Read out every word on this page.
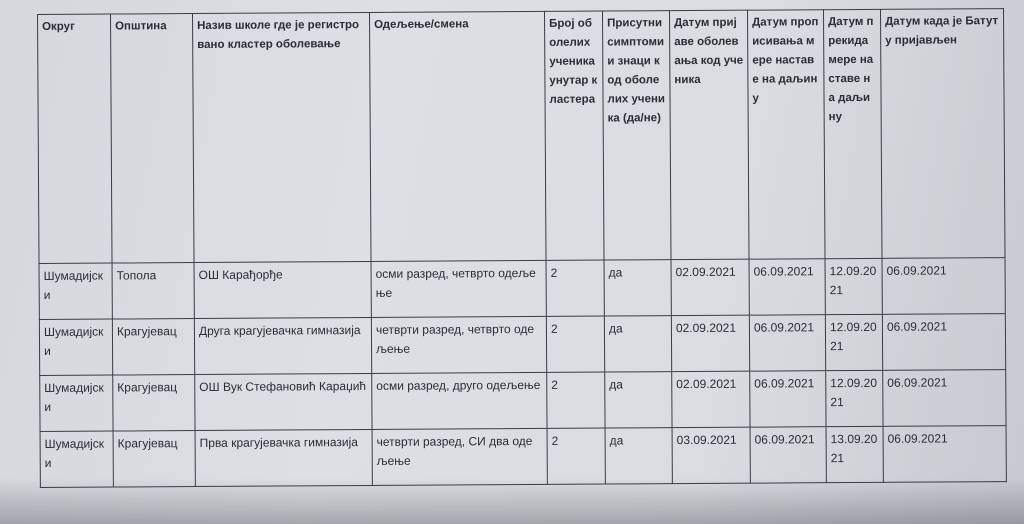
Округ	Општина	Назив школе где је регистровано кластер оболевање	Одељење/смена	Број оболелих ученика унутар кластера	Присутни симптоми и знаци код оболелих ученика (да/не)	Датум пријаве оболевања код ученика	Датум прописивања мере наставе на даљину	Датум прекида мере наставе на даљину	Датум када је Батуту пријављен
Шумадијски	Топола	ОШ Карађорђе	осми разред, четврто одељење	2	да	02.09.2021	06.09.2021	12.09.2021	06.09.2021
Шумадијски	Крагујевац	Друга крагујевачка гимназија	четврти разред, четврто одељење	2	да	02.09.2021	06.09.2021	12.09.2021	06.09.2021
Шумадијски	Крагујевац	ОШ Вук Стефановић Караџић	осми разред, друго одељење	2	да	02.09.2021	06.09.2021	12.09.2021	06.09.2021
Шумадијски	Крагујевац	Прва крагујевачка гимназија	четврти разред, СИ два одељење	2	да	03.09.2021	06.09.2021	13.09.2021	06.09.2021
